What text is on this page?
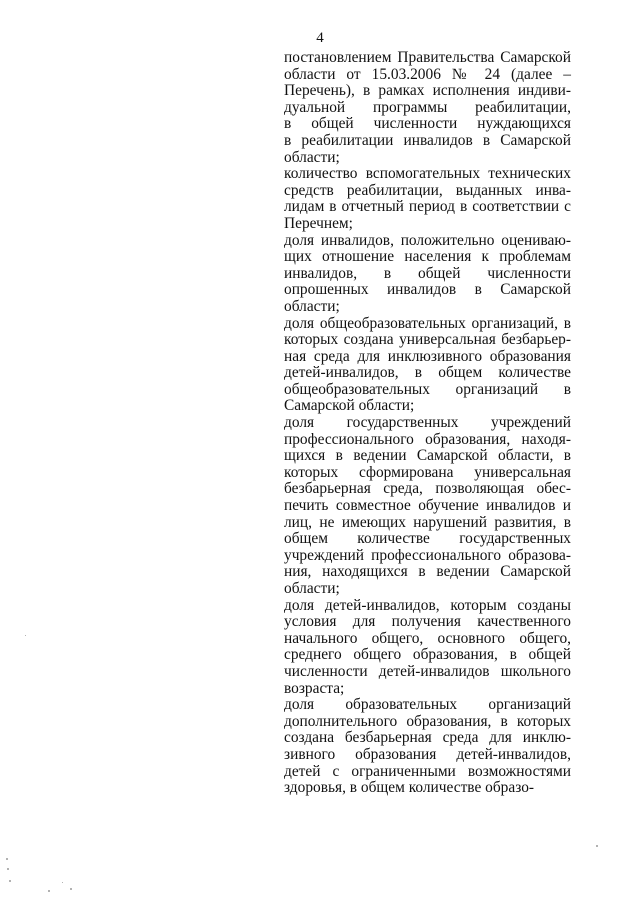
4
постановлением Правительства Самарской
области от 15.03.2006 № 24 (далее –
Перечень), в рамках исполнения индиви-
дуальной программы реабилитации,
в общей численности нуждающихся
в реабилитации инвалидов в Самарской
области;
количество вспомогательных технических
средств реабилитации, выданных инва-
лидам в отчетный период в соответствии с
Перечнем;
доля инвалидов, положительно оцениваю-
щих отношение населения к проблемам
инвалидов, в общей численности
опрошенных инвалидов в Самарской
области;
доля общеобразовательных организаций, в
которых создана универсальная безбарьер-
ная среда для инклюзивного образования
детей-инвалидов, в общем количестве
общеобразовательных организаций в
Самарской области;
доля государственных учреждений
профессионального образования, находя-
щихся в ведении Самарской области, в
которых сформирована универсальная
безбарьерная среда, позволяющая обес-
печить совместное обучение инвалидов и
лиц, не имеющих нарушений развития, в
общем количестве государственных
учреждений профессионального образова-
ния, находящихся в ведении Самарской
области;
доля детей-инвалидов, которым созданы
условия для получения качественного
начального общего, основного общего,
среднего общего образования, в общей
численности детей-инвалидов школьного
возраста;
доля образовательных организаций
дополнительного образования, в которых
создана безбарьерная среда для инклю-
зивного образования детей-инвалидов,
детей с ограниченными возможностями
здоровья, в общем количестве образо-
